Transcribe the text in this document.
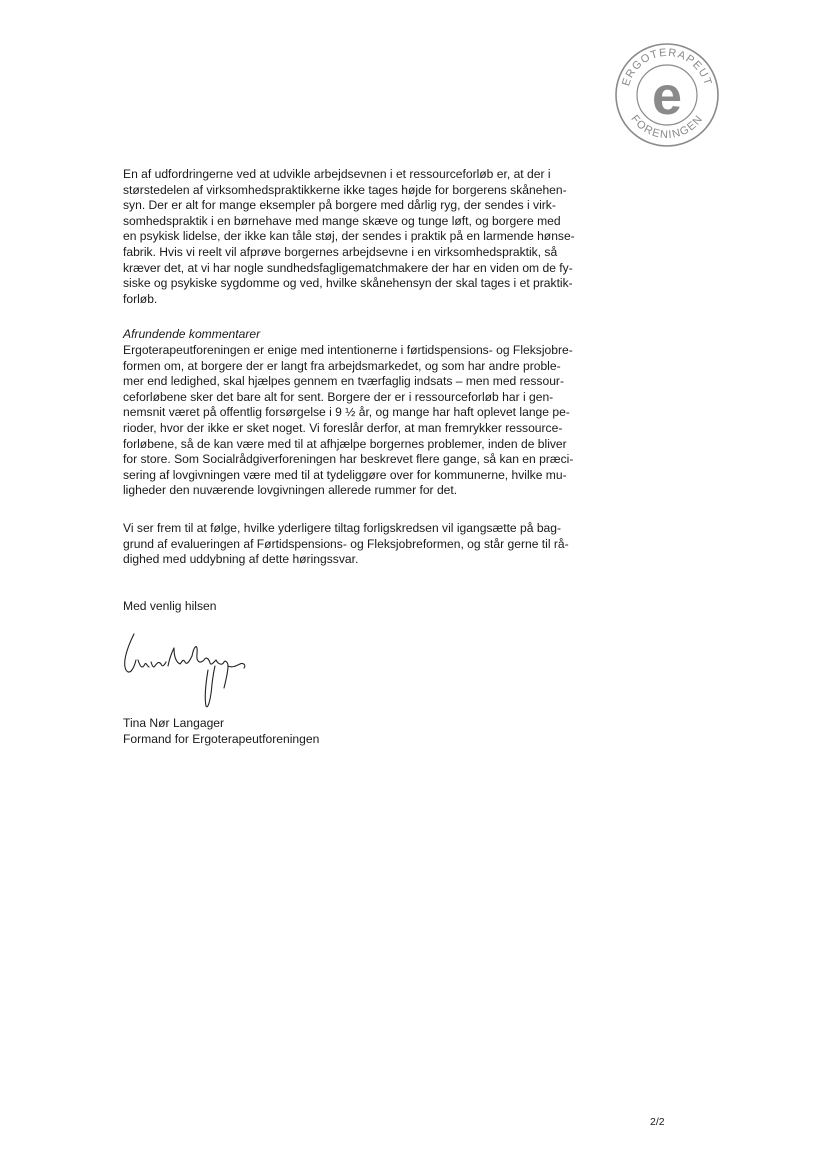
ERGOTERAPEUT
FORENINGEN
e
En af udfordringerne ved at udvikle arbejdsevnen i et ressourceforløb er, at der i
størstedelen af virksomhedspraktikkerne ikke tages højde for borgerens skånehen-
syn. Der er alt for mange eksempler på borgere med dårlig ryg, der sendes i virk-
somhedspraktik i en børnehave med mange skæve og tunge løft, og borgere med
en psykisk lidelse, der ikke kan tåle støj, der sendes i praktik på en larmende hønse-
fabrik. Hvis vi reelt vil afprøve borgernes arbejdsevne i en virksomhedspraktik, så
kræver det, at vi har nogle sundhedsfagligematchmakere der har en viden om de fy-
siske og psykiske sygdomme og ved, hvilke skånehensyn der skal tages i et praktik-
forløb.
Afrundende kommentarer
Ergoterapeutforeningen er enige med intentionerne i førtidspensions- og Fleksjobre-
formen om, at borgere der er langt fra arbejdsmarkedet, og som har andre proble-
mer end ledighed, skal hjælpes gennem en tværfaglig indsats – men med ressour-
ceforløbene sker det bare alt for sent. Borgere der er i ressourceforløb har i gen-
nemsnit været på offentlig forsørgelse i 9 ½ år, og mange har haft oplevet lange pe-
rioder, hvor der ikke er sket noget. Vi foreslår derfor, at man fremrykker ressource-
forløbene, så de kan være med til at afhjælpe borgernes problemer, inden de bliver
for store. Som Socialrådgiverforeningen har beskrevet flere gange, så kan en præci-
sering af lovgivningen være med til at tydeliggøre over for kommunerne, hvilke mu-
ligheder den nuværende lovgivningen allerede rummer for det.
Vi ser frem til at følge, hvilke yderligere tiltag forligskredsen vil igangsætte på bag-
grund af evalueringen af Førtidspensions- og Fleksjobreformen, og står gerne til rå-
dighed med uddybning af dette høringssvar.
Med venlig hilsen
Tina Nør Langager
Formand for Ergoterapeutforeningen
2/2
